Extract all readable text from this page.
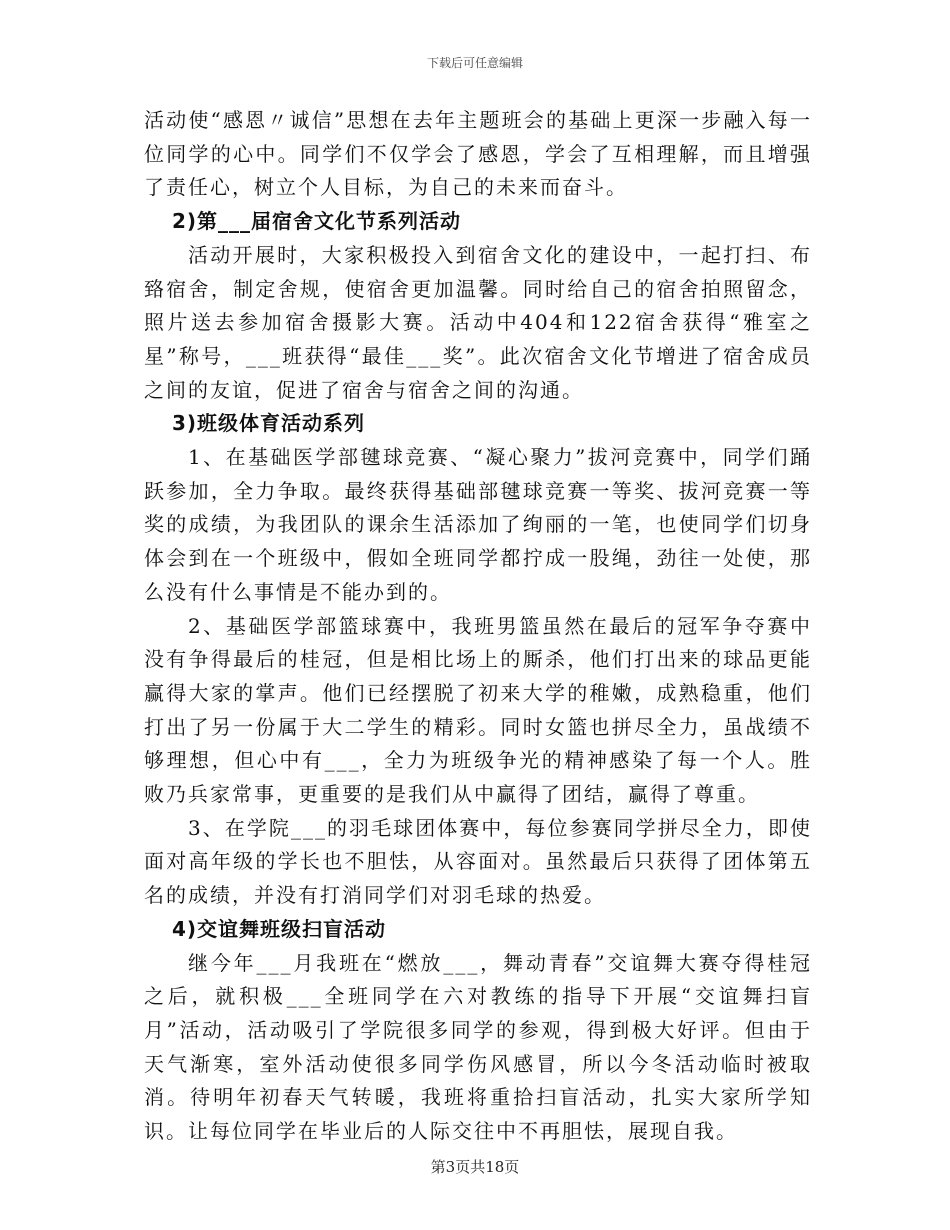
下载后可任意编辑

活动使“感恩〃诚信”思想在去年主题班会的基础上更深一步融入每一位同学的心中。同学们不仅学会了感恩，学会了互相理解，而且增强了责任心，树立个人目标，为自己的未来而奋斗。

2)第___届宿舍文化节系列活动

活动开展时，大家积极投入到宿舍文化的建设中，一起打扫、布臵宿舍，制定舍规，使宿舍更加温馨。同时给自己的宿舍拍照留念，照片送去参加宿舍摄影大赛。活动中404和122宿舍获得“雅室之星”称号，___班获得“最佳___奖”。此次宿舍文化节增进了宿舍成员之间的友谊，促进了宿舍与宿舍之间的沟通。

3)班级体育活动系列

1、在基础医学部毽球竞赛、“凝心聚力”拔河竞赛中，同学们踊跃参加，全力争取。最终获得基础部毽球竞赛一等奖、拔河竞赛一等奖的成绩，为我团队的课余生活添加了绚丽的一笔，也使同学们切身体会到在一个班级中，假如全班同学都拧成一股绳，劲往一处使，那么没有什么事情是不能办到的。

2、基础医学部篮球赛中，我班男篮虽然在最后的冠军争夺赛中没有争得最后的桂冠，但是相比场上的厮杀，他们打出来的球品更能赢得大家的掌声。他们已经摆脱了初来大学的稚嫩，成熟稳重，他们打出了另一份属于大二学生的精彩。同时女篮也拼尽全力，虽战绩不够理想，但心中有___，全力为班级争光的精神感染了每一个人。胜败乃兵家常事，更重要的是我们从中赢得了团结，赢得了尊重。

3、在学院___的羽毛球团体赛中，每位参赛同学拼尽全力，即使面对高年级的学长也不胆怯，从容面对。虽然最后只获得了团体第五名的成绩，并没有打消同学们对羽毛球的热爱。

4)交谊舞班级扫盲活动

继今年___月我班在“燃放___，舞动青春”交谊舞大赛夺得桂冠之后，就积极___全班同学在六对教练的指导下开展“交谊舞扫盲月”活动，活动吸引了学院很多同学的参观，得到极大好评。但由于天气渐寒，室外活动使很多同学伤风感冒，所以今冬活动临时被取消。待明年初春天气转暖，我班将重拾扫盲活动，扎实大家所学知识。让每位同学在毕业后的人际交往中不再胆怯，展现自我。

第3页共18页
